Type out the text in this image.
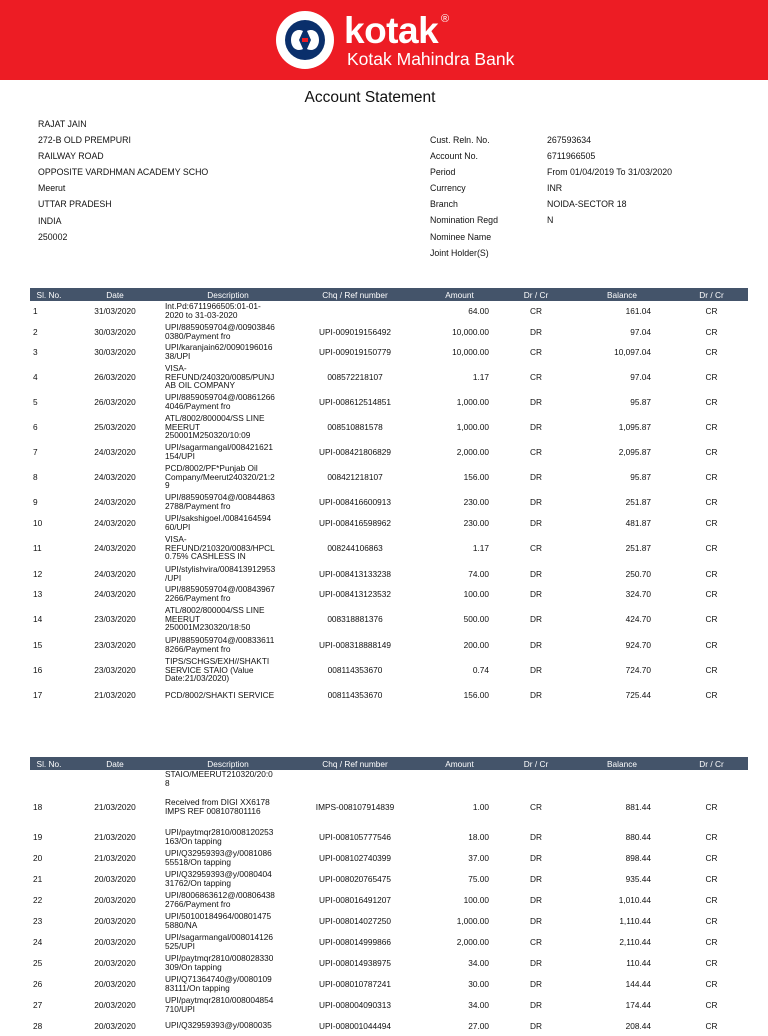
kotak ®
Kotak Mahindra Bank
Account Statement
RAJAT JAIN
272-B OLD PREMPURI
RAILWAY ROAD
OPPOSITE VARDHMAN ACADEMY SCHO
Meerut
UTTAR PRADESH
INDIA
250002
Cust. Reln. No.	267593634
Account No.	6711966505
Period	From 01/04/2019 To 31/03/2020
Currency	INR
Branch	NOIDA-SECTOR 18
Nomination Regd	N
Nominee Name
Joint Holder(S)
Sl. No.	Date	Description	Chq / Ref number	Amount	Dr / Cr	Balance	Dr / Cr
1	31/03/2020	Int.Pd:6711966505:01-01-
2020 to 31-03-2020		64.00	CR	161.04	CR
2	30/03/2020	UPI/8859059704@/00903846
0380/Payment fro	UPI-009019156492	10,000.00	DR	97.04	CR
3	30/03/2020	UPI/karanjain62/0090196016
38/UPI	UPI-009019150779	10,000.00	CR	10,097.04	CR
4	26/03/2020	VISA-
REFUND/240320/0085/PUNJ
AB OIL COMPANY	008572218107	1.17	CR	97.04	CR
5	26/03/2020	UPI/8859059704@/00861266
4046/Payment fro	UPI-008612514851	1,000.00	DR	95.87	CR
6	25/03/2020	ATL/8002/800004/SS LINE
MEERUT
250001M250320/10:09	008510881578	1,000.00	DR	1,095.87	CR
7	24/03/2020	UPI/sagarmangal/008421621
154/UPI	UPI-008421806829	2,000.00	CR	2,095.87	CR
8	24/03/2020	PCD/8002/PF*Punjab Oil
Company/Meerut240320/21:2
9	008421218107	156.00	DR	95.87	CR
9	24/03/2020	UPI/8859059704@/00844863
2788/Payment fro	UPI-008416600913	230.00	DR	251.87	CR
10	24/03/2020	UPI/sakshigoel./0084164594
60/UPI	UPI-008416598962	230.00	DR	481.87	CR
11	24/03/2020	VISA-
REFUND/210320/0083/HPCL
0.75% CASHLESS IN	008244106863	1.17	CR	251.87	CR
12	24/03/2020	UPI/stylishvira/008413912953
/UPI	UPI-008413133238	74.00	DR	250.70	CR
13	24/03/2020	UPI/8859059704@/00843967
2266/Payment fro	UPI-008413123532	100.00	DR	324.70	CR
14	23/03/2020	ATL/8002/800004/SS LINE
MEERUT
250001M230320/18:50	008318881376	500.00	DR	424.70	CR
15	23/03/2020	UPI/8859059704@/00833611
8266/Payment fro	UPI-008318888149	200.00	DR	924.70	CR
16	23/03/2020	TIPS/SCHGS/EXH//SHAKTI
SERVICE STAIO (Value
Date:21/03/2020)	008114353670	0.74	DR	724.70	CR
17	21/03/2020	PCD/8002/SHAKTI SERVICE	008114353670	156.00	DR	725.44	CR
Sl. No.	Date	Description	Chq / Ref number	Amount	Dr / Cr	Balance	Dr / Cr
		STAIO/MEERUT210320/20:0
8					
18	21/03/2020	Received from DIGI XX6178
IMPS REF 008107801116	IMPS-008107914839	1.00	CR	881.44	CR
19	21/03/2020	UPI/paytmqr2810/008120253
163/On tapping	UPI-008105777546	18.00	DR	880.44	CR
20	21/03/2020	UPI/Q32959393@y/0081086
55518/On tapping	UPI-008102740399	37.00	DR	898.44	CR
21	20/03/2020	UPI/Q32959393@y/0080404
31762/On tapping	UPI-008020765475	75.00	DR	935.44	CR
22	20/03/2020	UPI/8006863612@/00806438
2766/Payment fro	UPI-008016491207	100.00	DR	1,010.44	CR
23	20/03/2020	UPI/50100184964/00801475
5880/NA	UPI-008014027250	1,000.00	DR	1,110.44	CR
24	20/03/2020	UPI/sagarmangal/008014126
525/UPI	UPI-008014999866	2,000.00	CR	2,110.44	CR
25	20/03/2020	UPI/paytmqr2810/008028330
309/On tapping	UPI-008014938975	34.00	DR	110.44	CR
26	20/03/2020	UPI/Q71364740@y/0080109
83111/On tapping	UPI-008010787241	30.00	DR	144.44	CR
27	20/03/2020	UPI/paytmqr2810/008004854
710/UPI	UPI-008004090313	34.00	DR	174.44	CR
28	20/03/2020	UPI/Q32959393@y/0080035	UPI-008001044494	27.00	DR	208.44	CR
